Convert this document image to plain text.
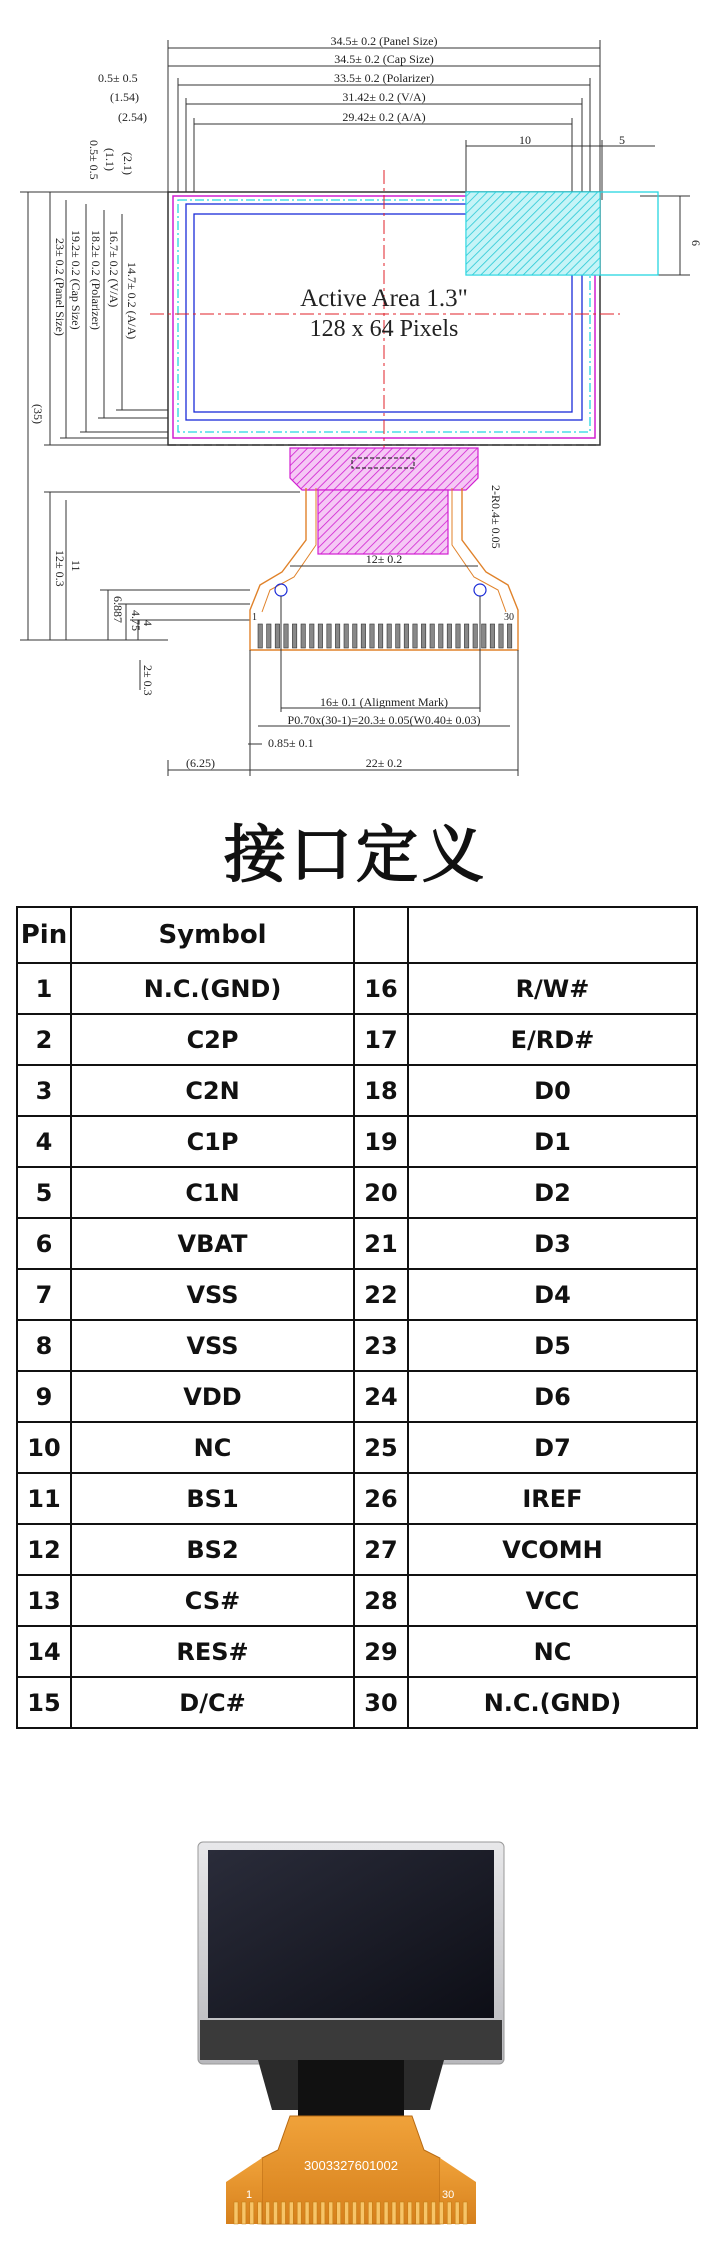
34.5± 0.2 (Panel Size)
34.5± 0.2 (Cap Size)
33.5± 0.2 (Polarizer)
31.42± 0.2 (V/A)
29.42± 0.2 (A/A)
0.5± 0.5
(1.54)
(2.54)
10	5
6
0.5± 0.5 (1.1) (2.1)
14.7± 0.2 (A/A)
16.7± 0.2 (V/A)
18.2± 0.2 (Polarizer)
19.2± 0.2 (Cap Size)
23± 0.2 (Panel Size)
(35)
12± 0.3 11
6.887 4.75
4
2± 0.3
Active Area 1.3"
128 x 64 Pixels
12± 0.2
2-R0.4± 0.05
1	30
16± 0.1 (Alignment Mark)
P0.70x(30-1)=20.3± 0.05(W0.40± 0.03)
0.85± 0.1
(6.25)	22± 0.2
接口定义
Pin	Symbol		
1	N.C.(GND)	16	R/W#
2	C2P	17	E/RD#
3	C2N	18	D0
4	C1P	19	D1
5	C1N	20	D2
6	VBAT	21	D3
7	VSS	22	D4
8	VSS	23	D5
9	VDD	24	D6
10	NC	25	D7
11	BS1	26	IREF
12	BS2	27	VCOMH
13	CS#	28	VCC
14	RES#	29	NC
15	D/C#	30	N.C.(GND)
3003327601002
1	30
